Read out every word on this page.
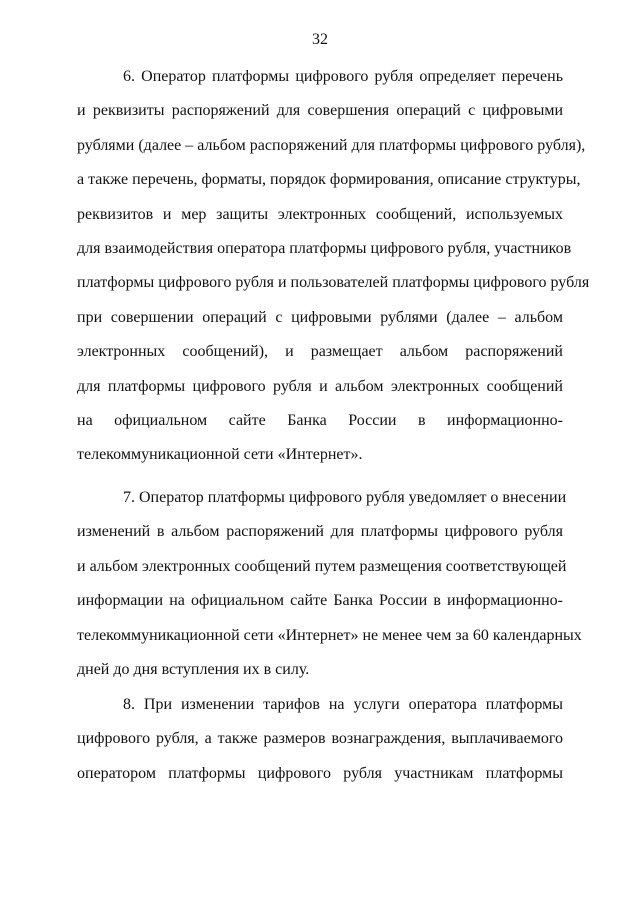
32
6. Оператор платформы цифрового рубля определяет перечень
и реквизиты распоряжений для совершения операций с цифровыми
рублями (далее – альбом распоряжений для платформы цифрового рубля),
а также перечень, форматы, порядок формирования, описание структуры,
реквизитов и мер защиты электронных сообщений, используемых
для взаимодействия оператора платформы цифрового рубля, участников
платформы цифрового рубля и пользователей платформы цифрового рубля
при совершении операций с цифровыми рублями (далее – альбом
электронных сообщений), и размещает альбом распоряжений
для платформы цифрового рубля и альбом электронных сообщений
на официальном сайте Банка России в информационно-
телекоммуникационной сети «Интернет».
7. Оператор платформы цифрового рубля уведомляет о внесении
изменений в альбом распоряжений для платформы цифрового рубля
и альбом электронных сообщений путем размещения соответствующей
информации на официальном сайте Банка России в информационно-
телекоммуникационной сети «Интернет» не менее чем за 60 календарных
дней до дня вступления их в силу.
8. При изменении тарифов на услуги оператора платформы
цифрового рубля, а также размеров вознаграждения, выплачиваемого
оператором платформы цифрового рубля участникам платформы
